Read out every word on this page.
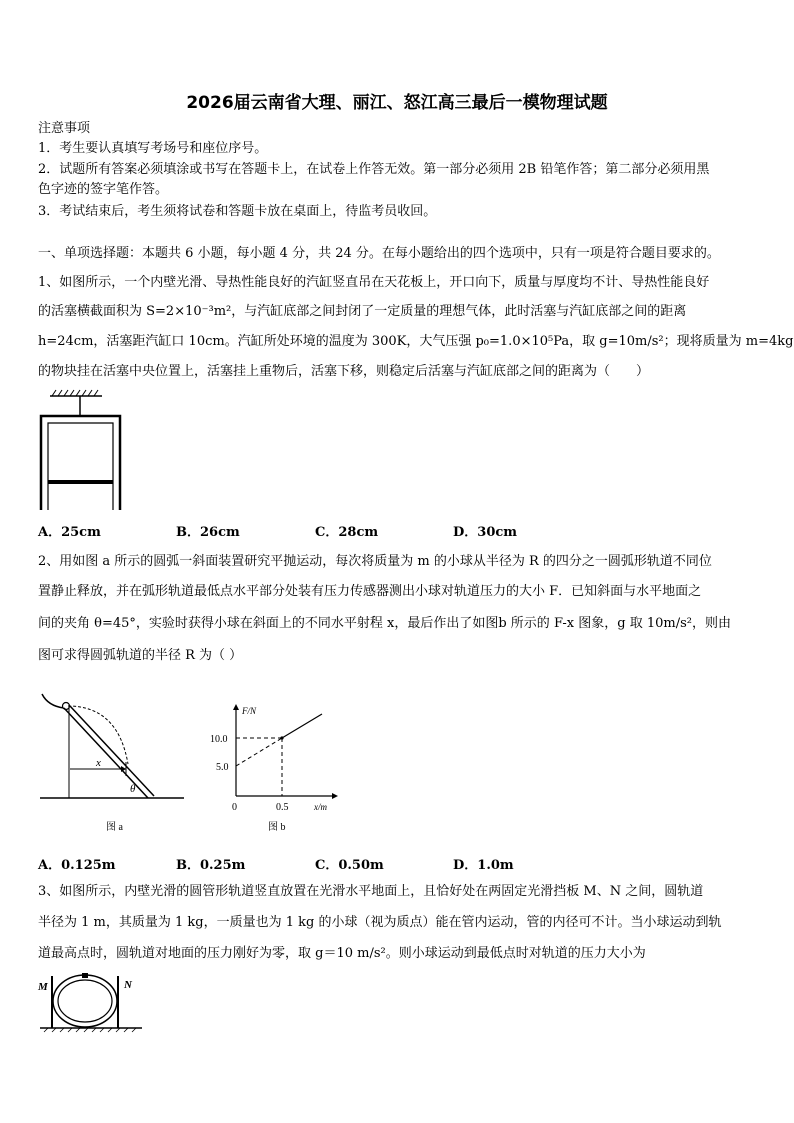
2026届云南省大理、丽江、怒江高三最后一模物理试题
注意事项
1．考生要认真填写考场号和座位序号。
2．试题所有答案必须填涂或书写在答题卡上，在试卷上作答无效。第一部分必须用 2B 铅笔作答；第二部分必须用黑
色字迹的签字笔作答。
3．考试结束后，考生须将试卷和答题卡放在桌面上，待监考员收回。
一、单项选择题：本题共 6 小题，每小题 4 分，共 24 分。在每小题给出的四个选项中，只有一项是符合题目要求的。
1、如图所示，一个内壁光滑、导热性能良好的汽缸竖直吊在天花板上，开口向下，质量与厚度均不计、导热性能良好
的活塞横截面积为 S=2×10⁻³m²，与汽缸底部之间封闭了一定质量的理想气体，此时活塞与汽缸底部之间的距离
h=24cm，活塞距汽缸口 10cm。汽缸所处环境的温度为 300K，大气压强 p₀=1.0×10⁵Pa，取 g=10m/s²；现将质量为 m=4kg
的物块挂在活塞中央位置上，活塞挂上重物后，活塞下移，则稳定后活塞与汽缸底部之间的距离为（　　）
A．25cm	B．26cm	C．28cm	D．30cm
2、用如图 a 所示的圆弧一斜面装置研究平抛运动，每次将质量为 m 的小球从半径为 R 的四分之一圆弧形轨道不同位
置静止释放，并在弧形轨道最低点水平部分处装有压力传感器测出小球对轨道压力的大小 F．已知斜面与水平地面之
间的夹角 θ=45°，实验时获得小球在斜面上的不同水平射程 x，最后作出了如图b 所示的 F-x 图象，g 取 10m/s²，则由
图可求得圆弧轨道的半径 R 为（ ）
x
θ
图 a
F/N
10.0
5.0
0	0.5	x/m
图 b
A．0.125m	B．0.25m	C．0.50m	D．1.0m
3、如图所示，内壁光滑的圆管形轨道竖直放置在光滑水平地面上，且恰好处在两固定光滑挡板 M、N 之间，圆轨道
半径为 1 m，其质量为 1 kg，一质量也为 1 kg 的小球（视为质点）能在管内运动，管的内径可不计。当小球运动到轨
道最高点时，圆轨道对地面的压力刚好为零，取 g＝10 m/s²。则小球运动到最低点时对轨道的压力大小为
M	N
